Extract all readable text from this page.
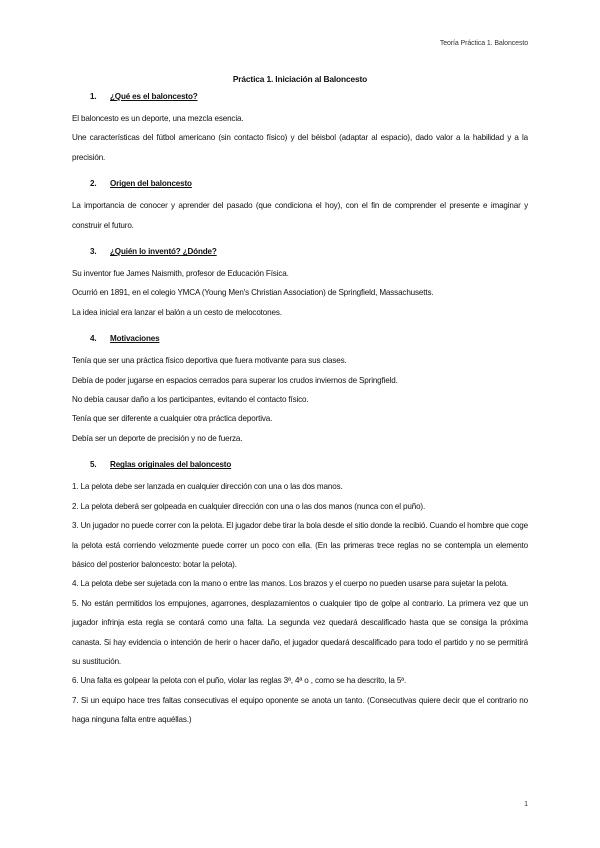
Teoría Práctica 1. Baloncesto
Práctica 1. Iniciación al Baloncesto
1. ¿Qué es el baloncesto?
El baloncesto es un deporte, una mezcla esencia.
Une características del fútbol americano (sin contacto físico) y del béisbol (adaptar al espacio), dado valor a la habilidad y a la precisión.
2. Origen del baloncesto
La importancia de conocer y aprender del pasado (que condiciona el hoy), con el fin de comprender el presente e imaginar y construir el futuro.
3. ¿Quién lo inventó? ¿Dónde?
Su inventor fue James Naismith, profesor de Educación Física.
Ocurrió en 1891, en el colegio YMCA (Young Men's Christian Association) de Springfield, Massachusetts.
La idea inicial era lanzar el balón a un cesto de melocotones.
4. Motivaciones
Tenía que ser una práctica físico deportiva que fuera motivante para sus clases.
Debía de poder jugarse en espacios cerrados para superar los crudos inviernos de Springfield.
No debía causar daño a los participantes, evitando el contacto físico.
Tenía que ser diferente a cualquier otra práctica deportiva.
Debía ser un deporte de precisión y no de fuerza.
5. Reglas originales del baloncesto
1. La pelota debe ser lanzada en cualquier dirección con una o las dos manos.
2. La pelota deberá ser golpeada en cualquier dirección con una o las dos manos (nunca con el puño).
3. Un jugador no puede correr con la pelota. El jugador debe tirar la bola desde el sitio donde la recibió. Cuando el hombre que coge la pelota está corriendo velozmente puede correr un poco con ella. (En las primeras trece reglas no se contempla un elemento básico del posterior baloncesto: botar la pelota).
4. La pelota debe ser sujetada con la mano o entre las manos. Los brazos y el cuerpo no pueden usarse para sujetar la pelota.
5. No están permitidos los empujones, agarrones, desplazamientos o cualquier tipo de golpe al contrario. La primera vez que un jugador infrinja esta regla se contará como una falta. La segunda vez quedará descalificado hasta que se consiga la próxima canasta. Si hay evidencia o intención de herir o hacer daño, el jugador quedará descalificado para todo el partido y no se permitirá su sustitución.
6. Una falta es golpear la pelota con el puño, violar las reglas 3ª, 4ª o , como se ha descrito, la 5ª.
7. Si un equipo hace tres faltas consecutivas el equipo oponente se anota un tanto. (Consecutivas quiere decir que el contrario no haga ninguna falta entre aquéllas.)
1
